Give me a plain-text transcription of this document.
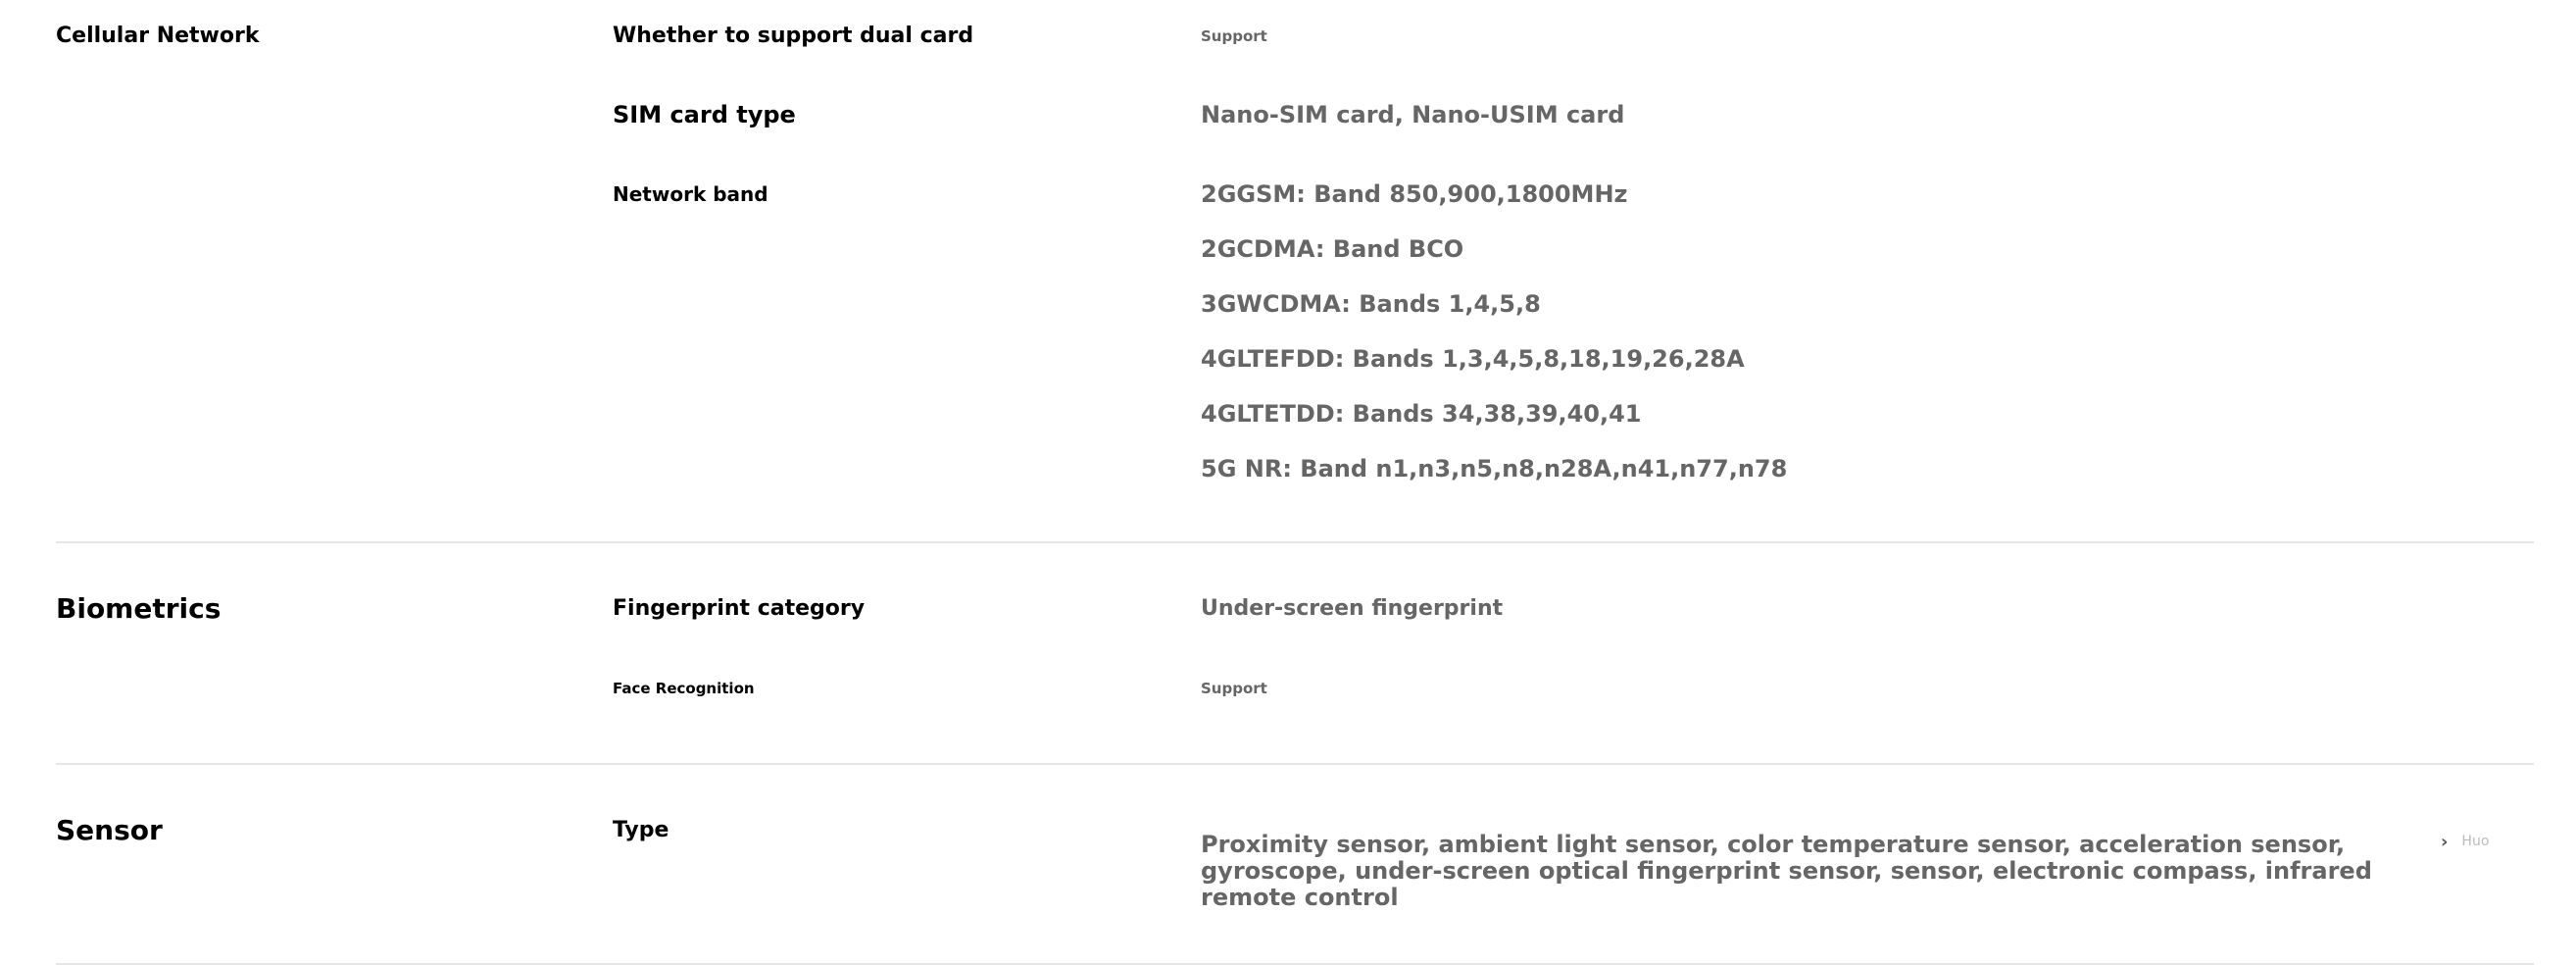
Cellular Network	Whether to support dual card	Support
SIM card type	Nano-SIM card, Nano-USIM card
Network band	2GGSM: Band 850,900,1800MHz
2GCDMA: Band BCO
3GWCDMA: Bands 1,4,5,8
4GLTEFDD: Bands 1,3,4,5,8,18,19,26,28A
4GLTETDD: Bands 34,38,39,40,41
5G NR: Band n1,n3,n5,n8,n28A,n41,n77,n78
Biometrics	Fingerprint category	Under-screen fingerprint
Face Recognition	Support
Sensor	Type
Proximity sensor, ambient light sensor, color temperature sensor, acceleration sensor, gyroscope, under-screen optical fingerprint sensor, sensor, electronic compass, infrared remote control
› Huo
